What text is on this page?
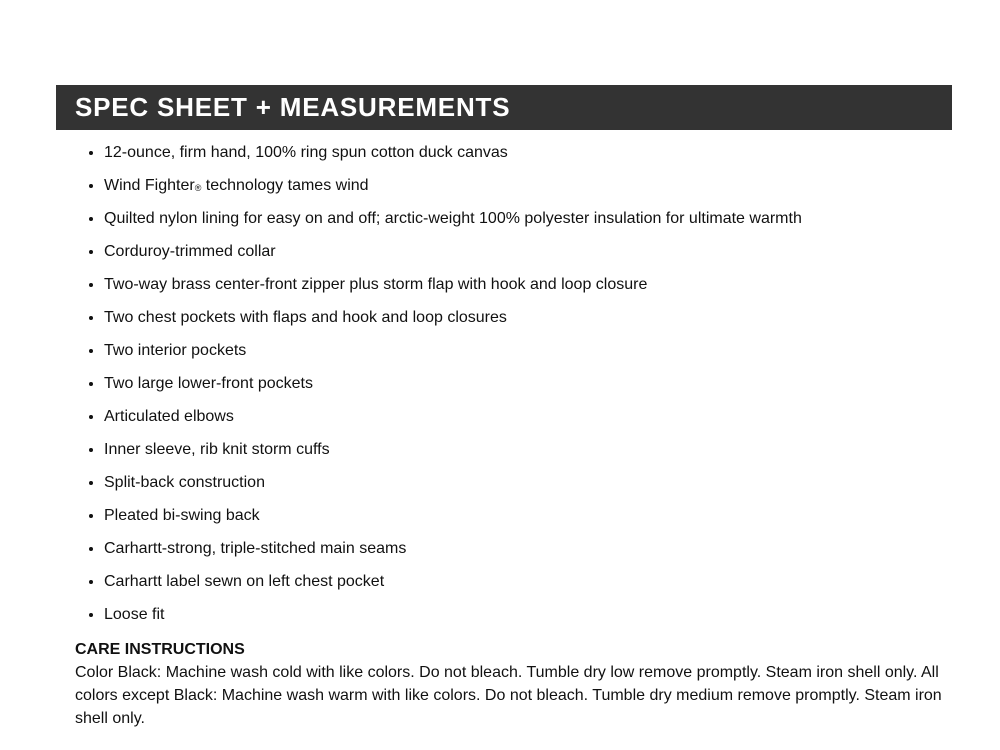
SPEC SHEET + MEASUREMENTS
12-ounce, firm hand, 100% ring spun cotton duck canvas
Wind Fighter® technology tames wind
Quilted nylon lining for easy on and off; arctic-weight 100% polyester insulation for ultimate warmth
Corduroy-trimmed collar
Two-way brass center-front zipper plus storm flap with hook and loop closure
Two chest pockets with flaps and hook and loop closures
Two interior pockets
Two large lower-front pockets
Articulated elbows
Inner sleeve, rib knit storm cuffs
Split-back construction
Pleated bi-swing back
Carhartt-strong, triple-stitched main seams
Carhartt label sewn on left chest pocket
Loose fit

CARE INSTRUCTIONS

Color Black: Machine wash cold with like colors. Do not bleach. Tumble dry low remove promptly. Steam iron shell only. All colors except Black: Machine wash warm with like colors. Do not bleach. Tumble dry medium remove promptly. Steam iron shell only.
